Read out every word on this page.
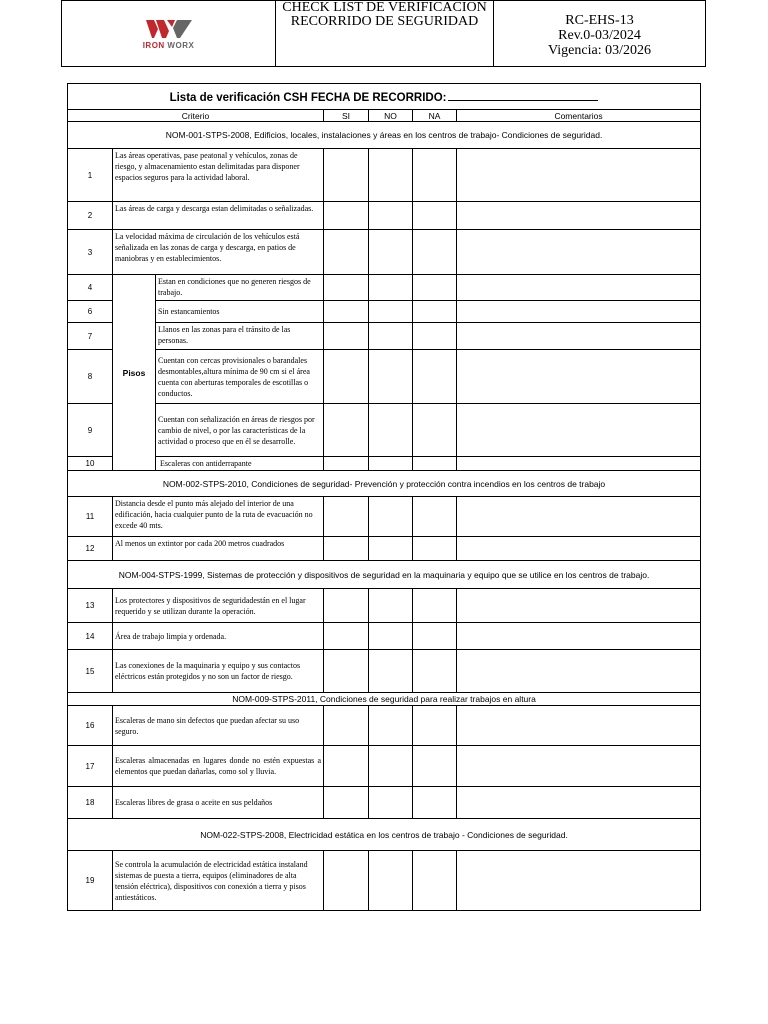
IRON WORX

CHECK LIST DE VERIFICACIÓN
RECORRIDO DE SEGURIDAD	RC-EHS-13
Rev.0-03/2024
Vigencia: 03/2026
Lista de verificación CSH FECHA DE RECORRIDO:						
Criterio			SI	NO	NA	Comentarios
NOM-001-STPS-2008, Edificios, locales, instalaciones y áreas en los centros de trabajo- Condiciones de seguridad.						
1	Las áreas operativas, pase peatonal y vehículos, zonas de riesgo, y almacenamiento estan delimitadas para disponer espacios seguros para la actividad laboral.					
2	Las áreas de carga y descarga estan delimitadas o señalizadas.					
3	La velocidad máxima de circulación de los vehículos está señalizada en las zonas de carga y descarga, en patios de maniobras y en establecimientos.					
4	Pisos	Estan en condiciones que no generen riesgos de trabajo.				
6		Sin estancamientos				
7		Llanos en las zonas para el tránsito de las personas.				
8		Cuentan con cercas provisionales o barandales desmontables,altura mínima de 90 cm si el área cuenta con aberturas temporales de escotillas o conductos.				
9		Cuentan con señalización en áreas de riesgos por cambio de nivel, o por las características de la actividad o proceso que en él se desarrolle.				
10		Escaleras con antiderrapante				
NOM-002-STPS-2010, Condiciones de seguridad- Prevención y protección contra incendios en los centros de trabajo						
11	Distancia desde el punto más alejado del interior de una edificación, hacia cualquier punto de la ruta de evacuación no excede 40 mts.					
12	Al menos un extintor por cada 200 metros cuadrados					
NOM-004-STPS-1999, Sistemas de protección y dispositivos de seguridad en la maquinaria y equipo que se utilice en los centros de trabajo.						
13	Los protectores y dispositivos de seguridadestán en el lugar requerido y se utilizan durante la operación.					
14	Área de trabajo limpia y ordenada.					
15	Las conexiones de la maquinaria y equipo y sus contactos eléctricos están protegidos y no son un factor de riesgo.					
NOM-009-STPS-2011, Condiciones de seguridad para realizar trabajos en altura						
16	Escaleras de mano sin defectos que puedan afectar su uso seguro.					
17	Escaleras almacenadas en lugares donde no estén expuestas a elementos que puedan dañarlas, como sol y lluvia.					
18	Escaleras libres de grasa o aceite en sus peldaños					
NOM-022-STPS-2008, Electricidad estática en los centros de trabajo - Condiciones de seguridad.						
19	Se controla la acumulación de electricidad estática instaland sistemas de puesta a tierra, equipos (eliminadores de alta tensión eléctrica), dispositivos con conexión a tierra y pisos antiestáticos.					
